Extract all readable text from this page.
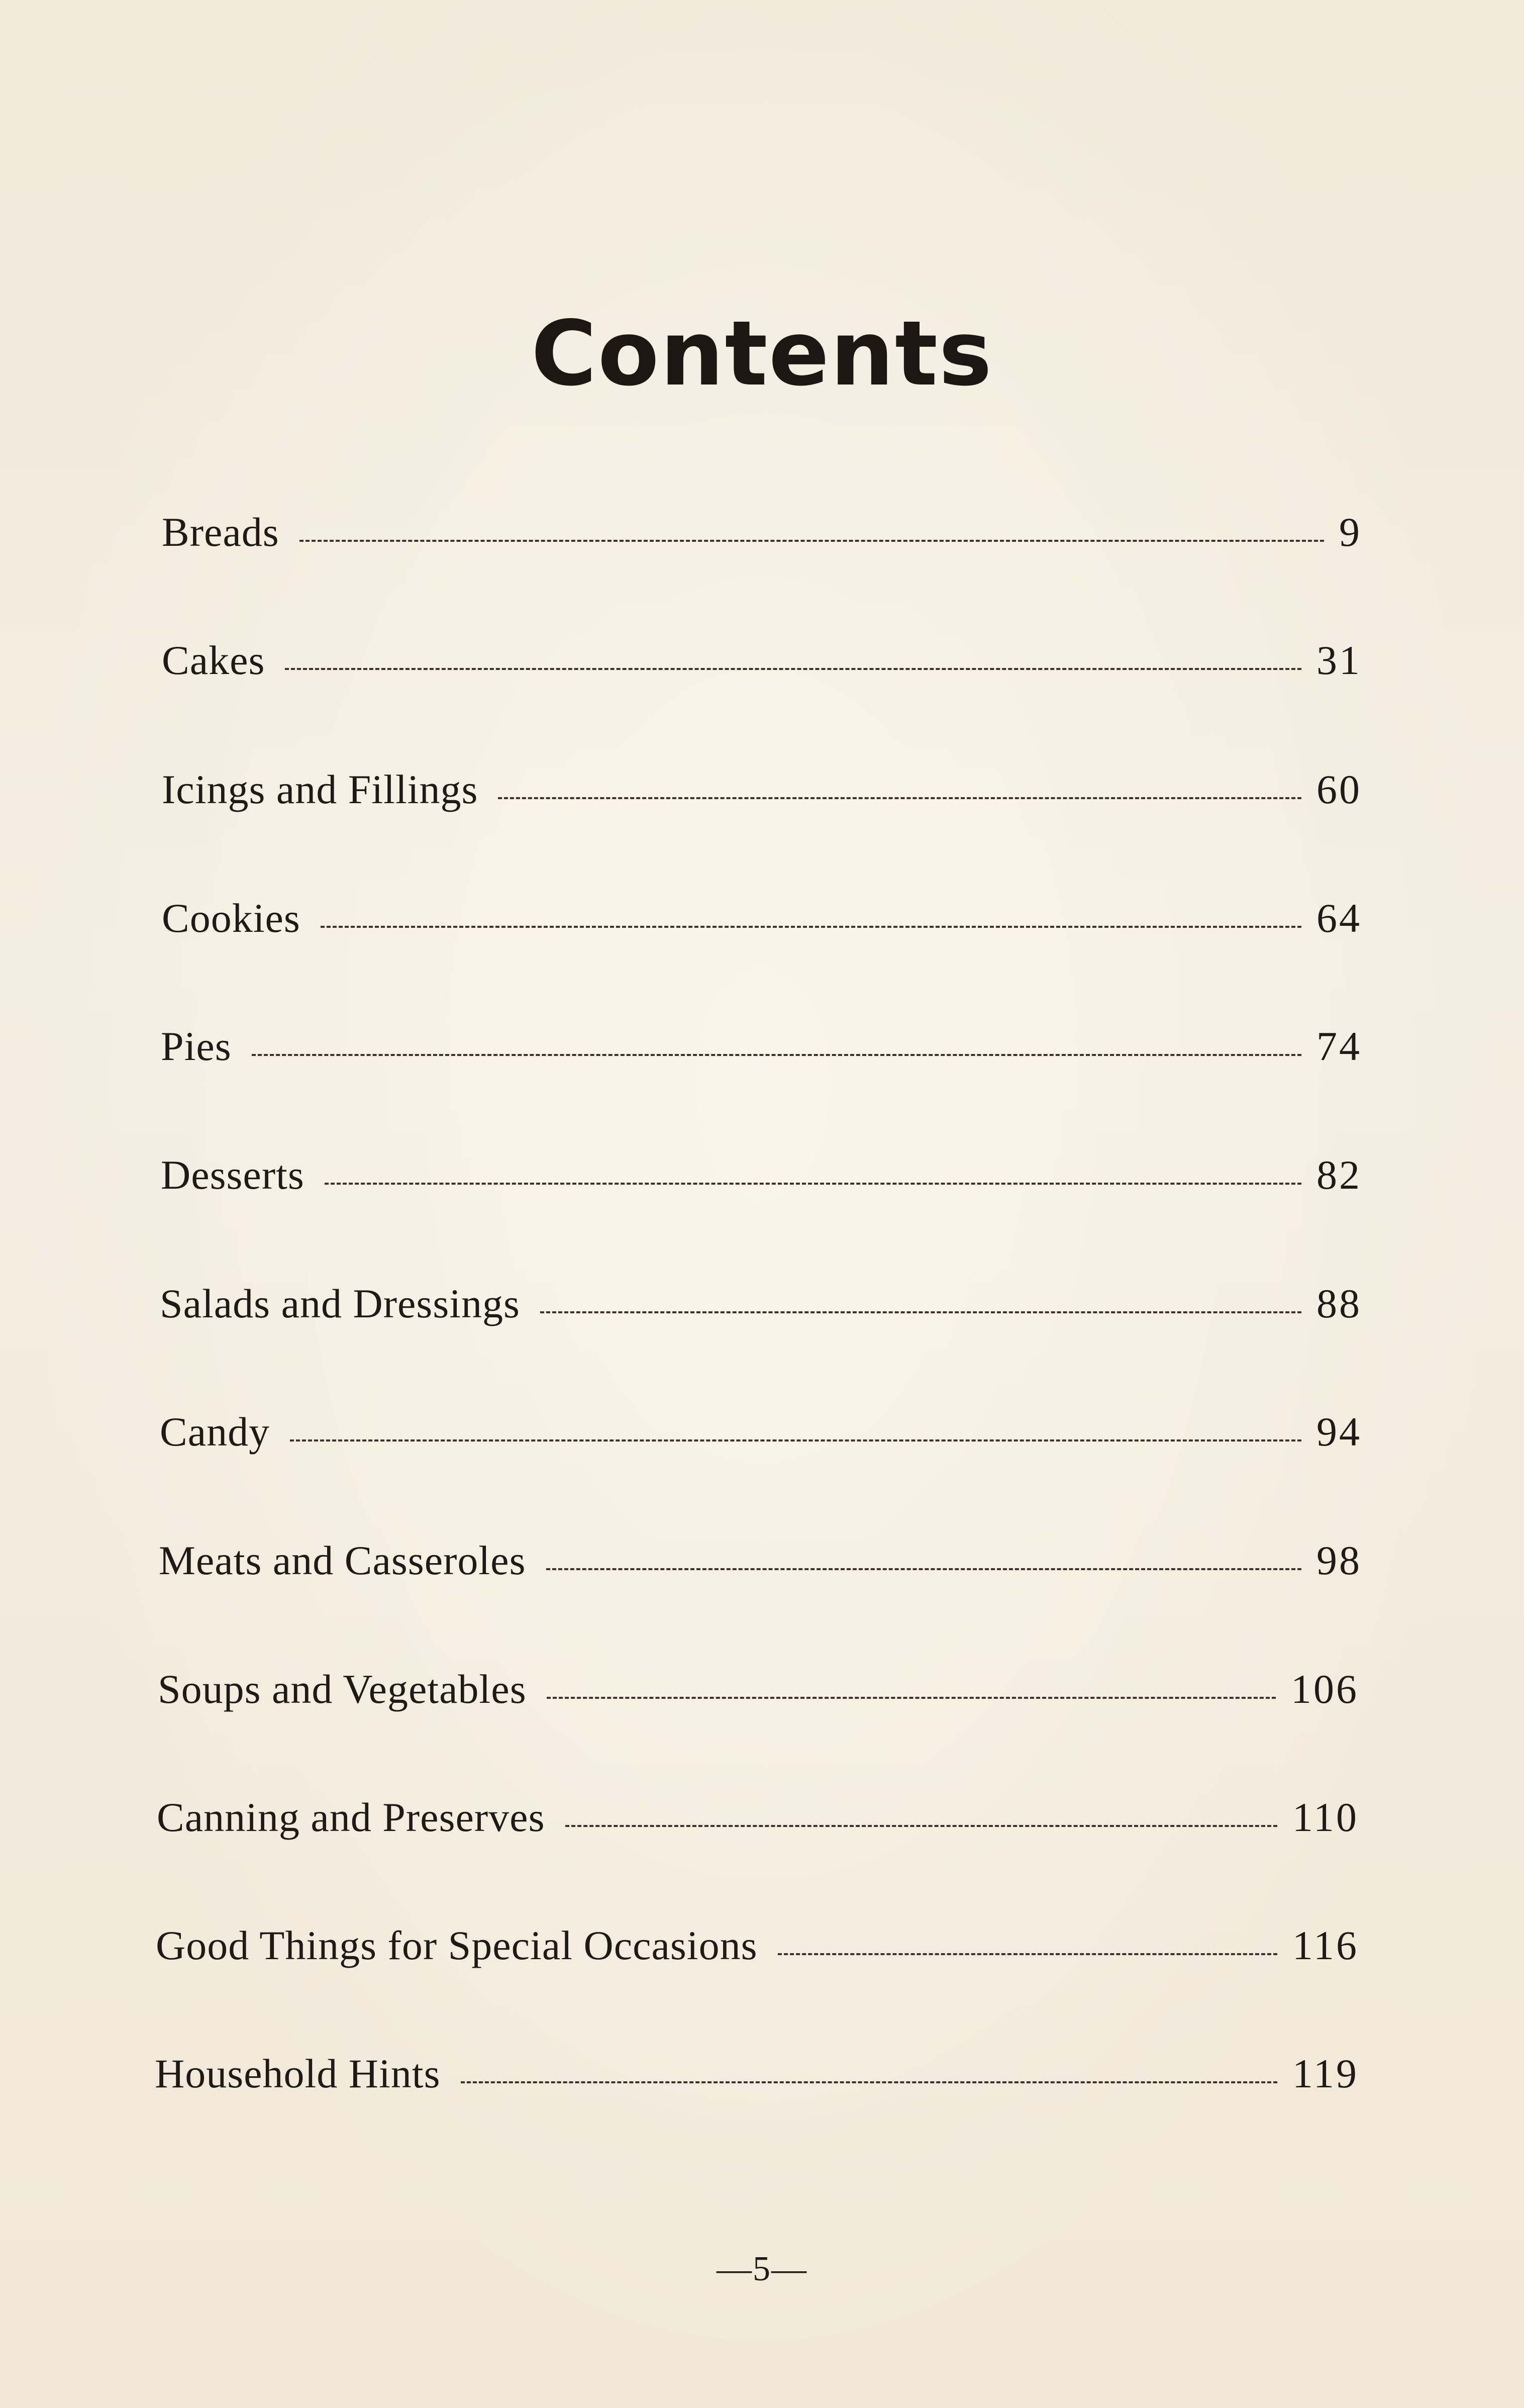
Contents
Breads	9
Cakes	31
Icings and Fillings	60
Cookies	64
Pies	74
Desserts	82
Salads and Dressings	88
Candy	94
Meats and Casseroles	98
Soups and Vegetables	106
Canning and Preserves	110
Good Things for Special Occasions	116
Household Hints	119
—5—
